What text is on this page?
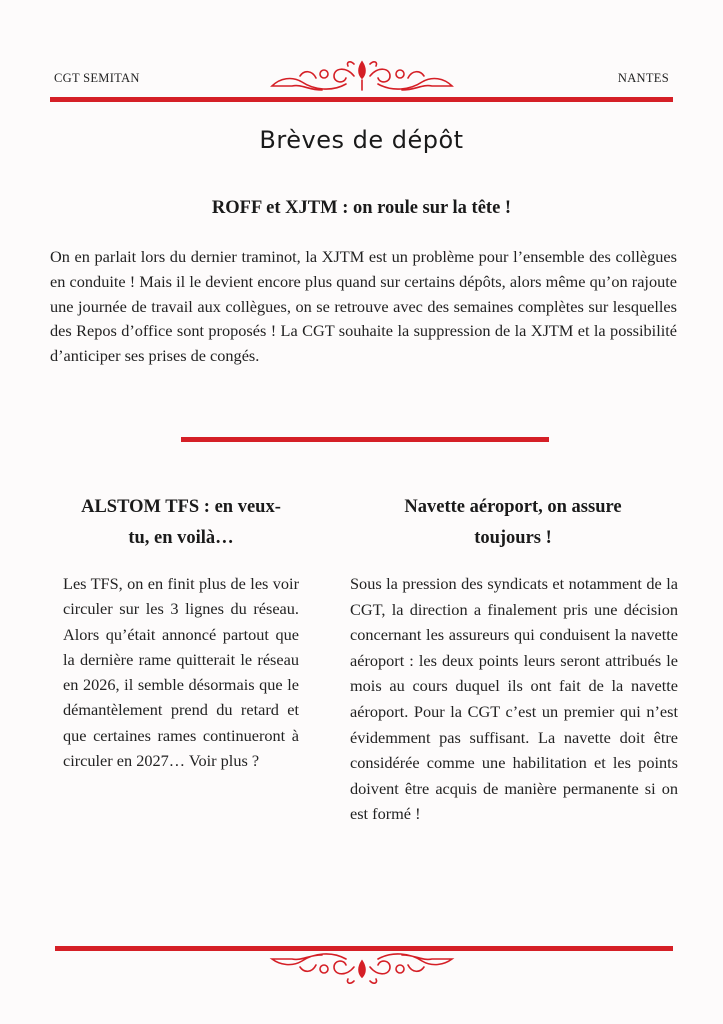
CGT SEMITAN	NANTES
Brèves de dépôt
ROFF et XJTM : on roule sur la tête !
On en parlait lors du dernier traminot, la XJTM est un problème pour l’ensemble des collègues en conduite ! Mais il le devient encore plus quand sur certains dépôts, alors même qu’on rajoute une journée de travail aux collègues, on se retrouve avec des semaines complètes sur lesquelles des Repos d’office sont proposés ! La CGT souhaite la suppression de la XJTM et la possibilité d’anticiper ses prises de congés.
ALSTOM TFS : en veux-tu, en voilà…
Les TFS, on en finit plus de les voir circuler sur les 3 lignes du réseau. Alors qu’était annoncé partout que la dernière rame quitterait le réseau en 2026, il semble désormais que le démantèlement prend du retard et que certaines rames continueront à circuler en 2027… Voir plus ?
Navette aéroport, on assure toujours !
Sous la pression des syndicats et notamment de la CGT, la direction a finalement pris une décision concernant les assureurs qui conduisent la navette aéroport : les deux points leurs seront attribués le mois au cours duquel ils ont fait de la navette aéroport. Pour la CGT c’est un premier qui n’est évidemment pas suffisant. La navette doit être considérée comme une habilitation et les points doivent être acquis de manière permanente si on est formé !
